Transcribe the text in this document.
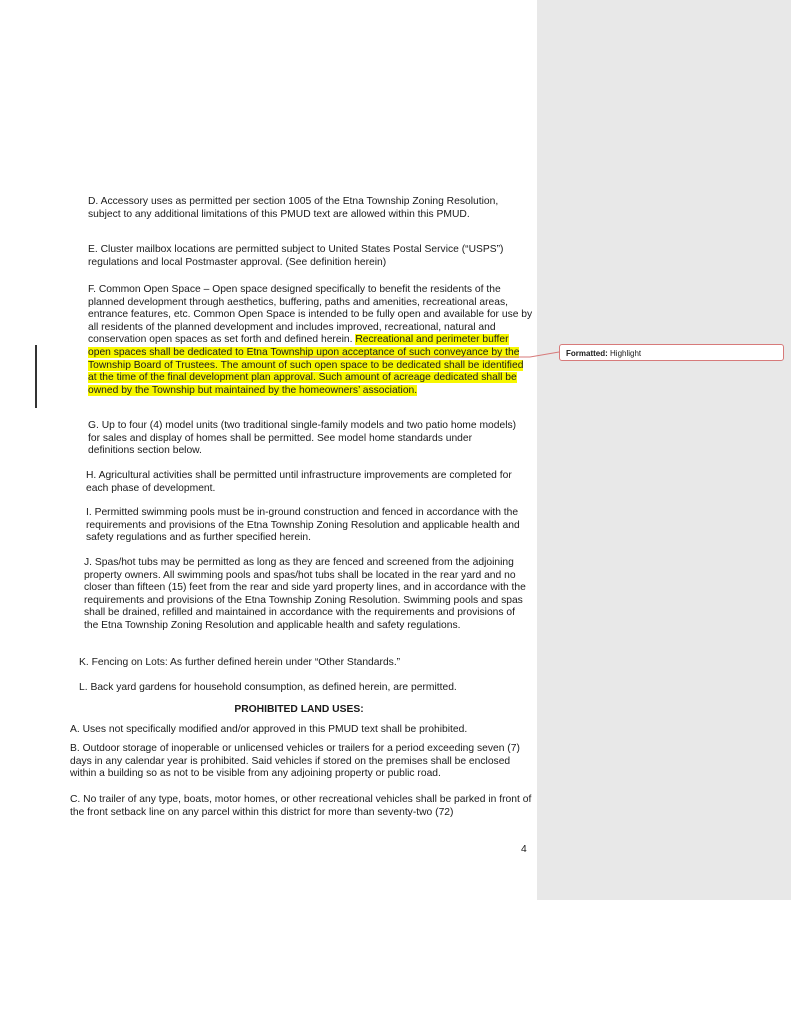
D. Accessory uses as permitted per section 1005 of the Etna Township Zoning Resolution, subject to any additional limitations of this PMUD text are allowed within this PMUD.

E. Cluster mailbox locations are permitted subject to United States Postal Service (“USPS”) regulations and local Postmaster approval. (See definition herein)

F. Common Open Space – Open space designed specifically to benefit the residents of the planned development through aesthetics, buffering, paths and amenities, recreational areas, entrance features, etc. Common Open Space is intended to be fully open and available for use by all residents of the planned development and includes improved, recreational, natural and conservation open spaces as set forth and defined herein. Recreational and perimeter buffer open spaces shall be dedicated to Etna Township upon acceptance of such conveyance by the Township Board of Trustees. The amount of such open space to be dedicated shall be identified at the time of the final development plan approval. Such amount of acreage dedicated shall be owned by the Township but maintained by the homeowners’ association.

G. Up to four (4) model units (two traditional single-family models and two patio home models) for sales and display of homes shall be permitted. See model home standards under definitions section below.

H. Agricultural activities shall be permitted until infrastructure improvements are completed for each phase of development.

I. Permitted swimming pools must be in-ground construction and fenced in accordance with the requirements and provisions of the Etna Township Zoning Resolution and applicable health and safety regulations and as further specified herein.

J. Spas/hot tubs may be permitted as long as they are fenced and screened from the adjoining property owners. All swimming pools and spas/hot tubs shall be located in the rear yard and no closer than fifteen (15) feet from the rear and side yard property lines, and in accordance with the requirements and provisions of the Etna Township Zoning Resolution. Swimming pools and spas shall be drained, refilled and maintained in accordance with the requirements and provisions of the Etna Township Zoning Resolution and applicable health and safety regulations.

K. Fencing on Lots: As further defined herein under “Other Standards.”

L. Back yard gardens for household consumption, as defined herein, are permitted.

PROHIBITED LAND USES:

A. Uses not specifically modified and/or approved in this PMUD text shall be prohibited.

B. Outdoor storage of inoperable or unlicensed vehicles or trailers for a period exceeding seven (7) days in any calendar year is prohibited. Said vehicles if stored on the premises shall be enclosed within a building so as not to be visible from any adjoining property or public road.

C. No trailer of any type, boats, motor homes, or other recreational vehicles shall be parked in front of the front setback line on any parcel within this district for more than seventy-two (72)

4
Formatted: Highlight
